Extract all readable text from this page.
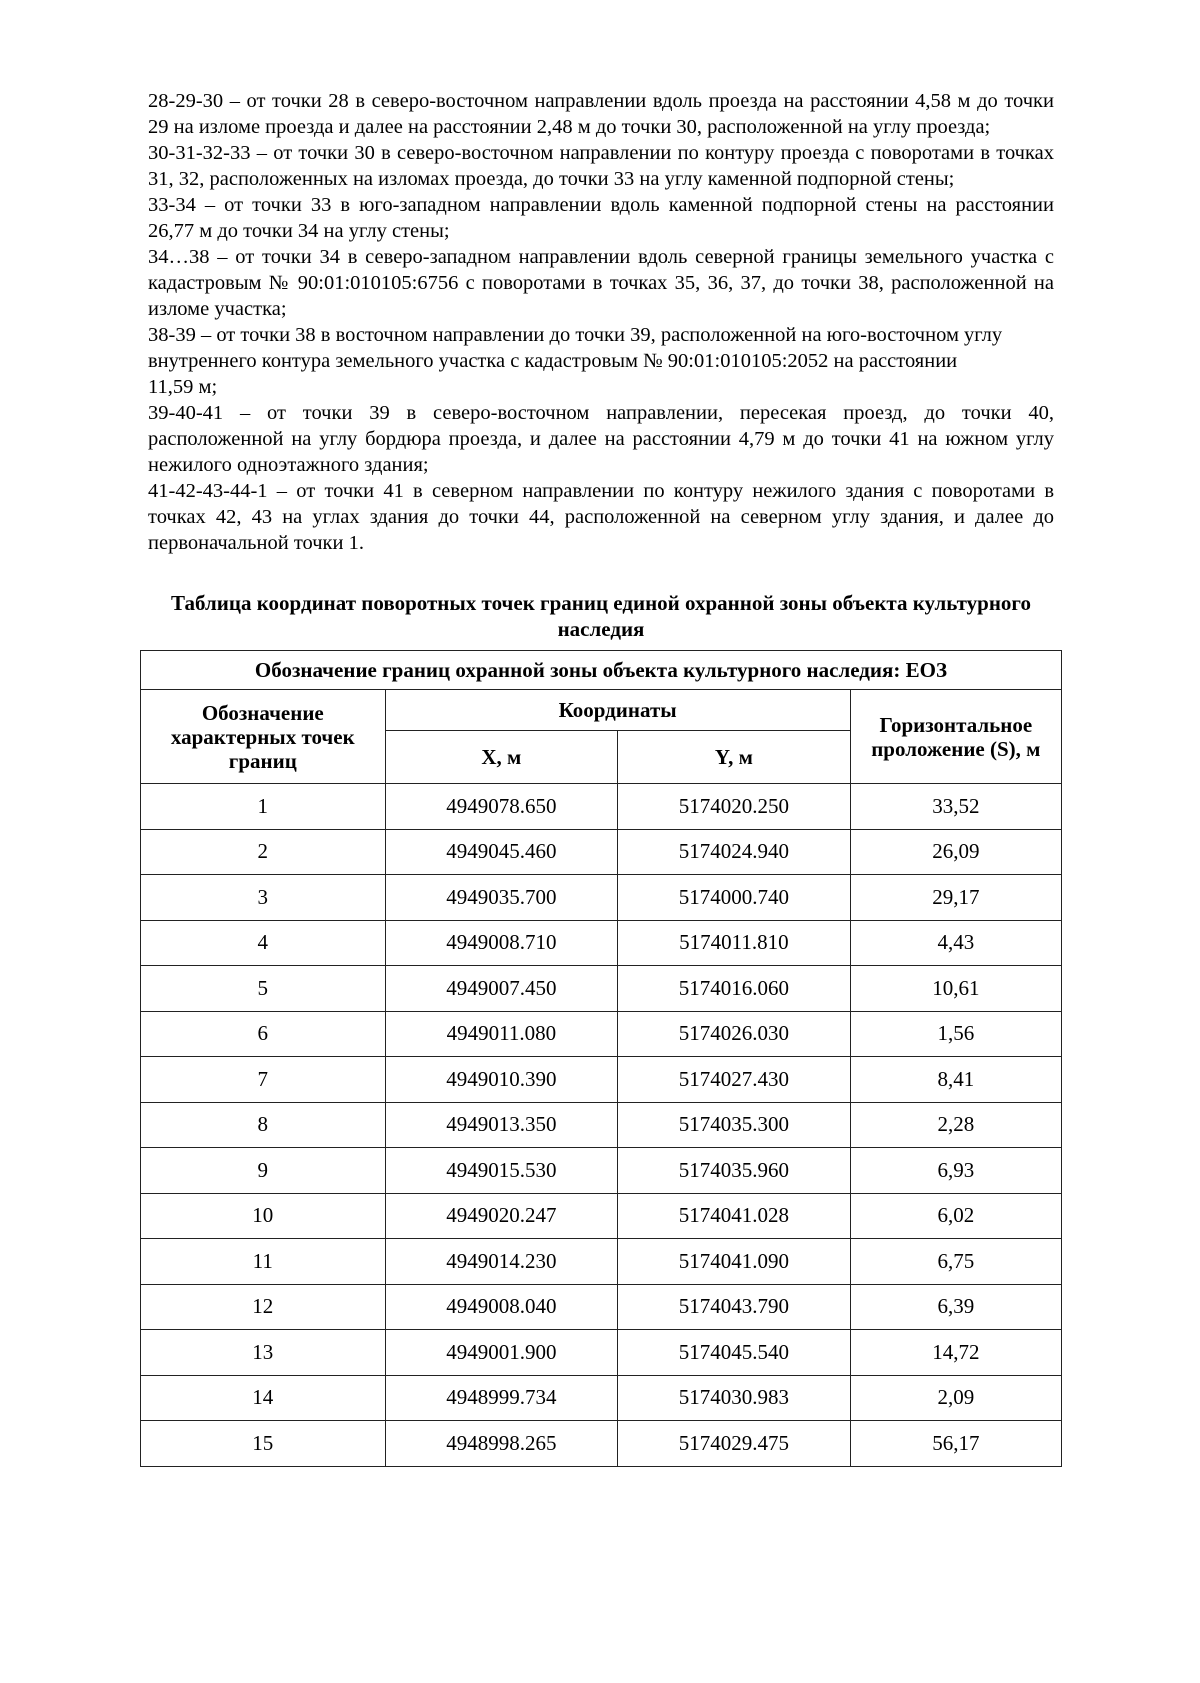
28-29-30 – от точки 28 в северо-восточном направлении вдоль проезда на расстоянии 4,58 м до точки 29 на изломе проезда и далее на расстоянии 2,48 м до точки 30, расположенной на углу проезда;

30-31-32-33 – от точки 30 в северо-восточном направлении по контуру проезда с поворотами в точках 31, 32, расположенных на изломах проезда, до точки 33 на углу каменной подпорной стены;

33-34 – от точки 33 в юго-западном направлении вдоль каменной подпорной стены на расстоянии 26,77 м до точки 34 на углу стены;

34…38 – от точки 34 в северо-западном направлении вдоль северной границы земельного участка с кадастровым № 90:01:010105:6756 с поворотами в точках 35, 36, 37, до точки 38, расположенной на изломе участка;

38-39 – от точки 38 в восточном направлении до точки 39, расположенной на юго-восточном углу внутреннего контура земельного участка с кадастровым № 90:01:010105:2052 на расстоянии

11,59 м;

39-40-41 – от точки 39 в северо-восточном направлении, пересекая проезд, до точки 40, расположенной на углу бордюра проезда, и далее на расстоянии 4,79 м до точки 41 на южном углу нежилого одноэтажного здания;

41-42-43-44-1 – от точки 41 в северном направлении по контуру нежилого здания с поворотами в точках 42, 43 на углах здания до точки 44, расположенной на северном углу здания, и далее до первоначальной точки 1.

Таблица координат поворотных точек границ единой охранной зоны объекта культурного наследия
Обозначение границ охранной зоны объекта культурного наследия: ЕОЗ			
Обозначение характерных точек границ	Координаты		Горизонтальное проложение (S), м
	X, м	Y, м	
1	4949078.650	5174020.250	33,52
2	4949045.460	5174024.940	26,09
3	4949035.700	5174000.740	29,17
4	4949008.710	5174011.810	4,43
5	4949007.450	5174016.060	10,61
6	4949011.080	5174026.030	1,56
7	4949010.390	5174027.430	8,41
8	4949013.350	5174035.300	2,28
9	4949015.530	5174035.960	6,93
10	4949020.247	5174041.028	6,02
11	4949014.230	5174041.090	6,75
12	4949008.040	5174043.790	6,39
13	4949001.900	5174045.540	14,72
14	4948999.734	5174030.983	2,09
15	4948998.265	5174029.475	56,17
